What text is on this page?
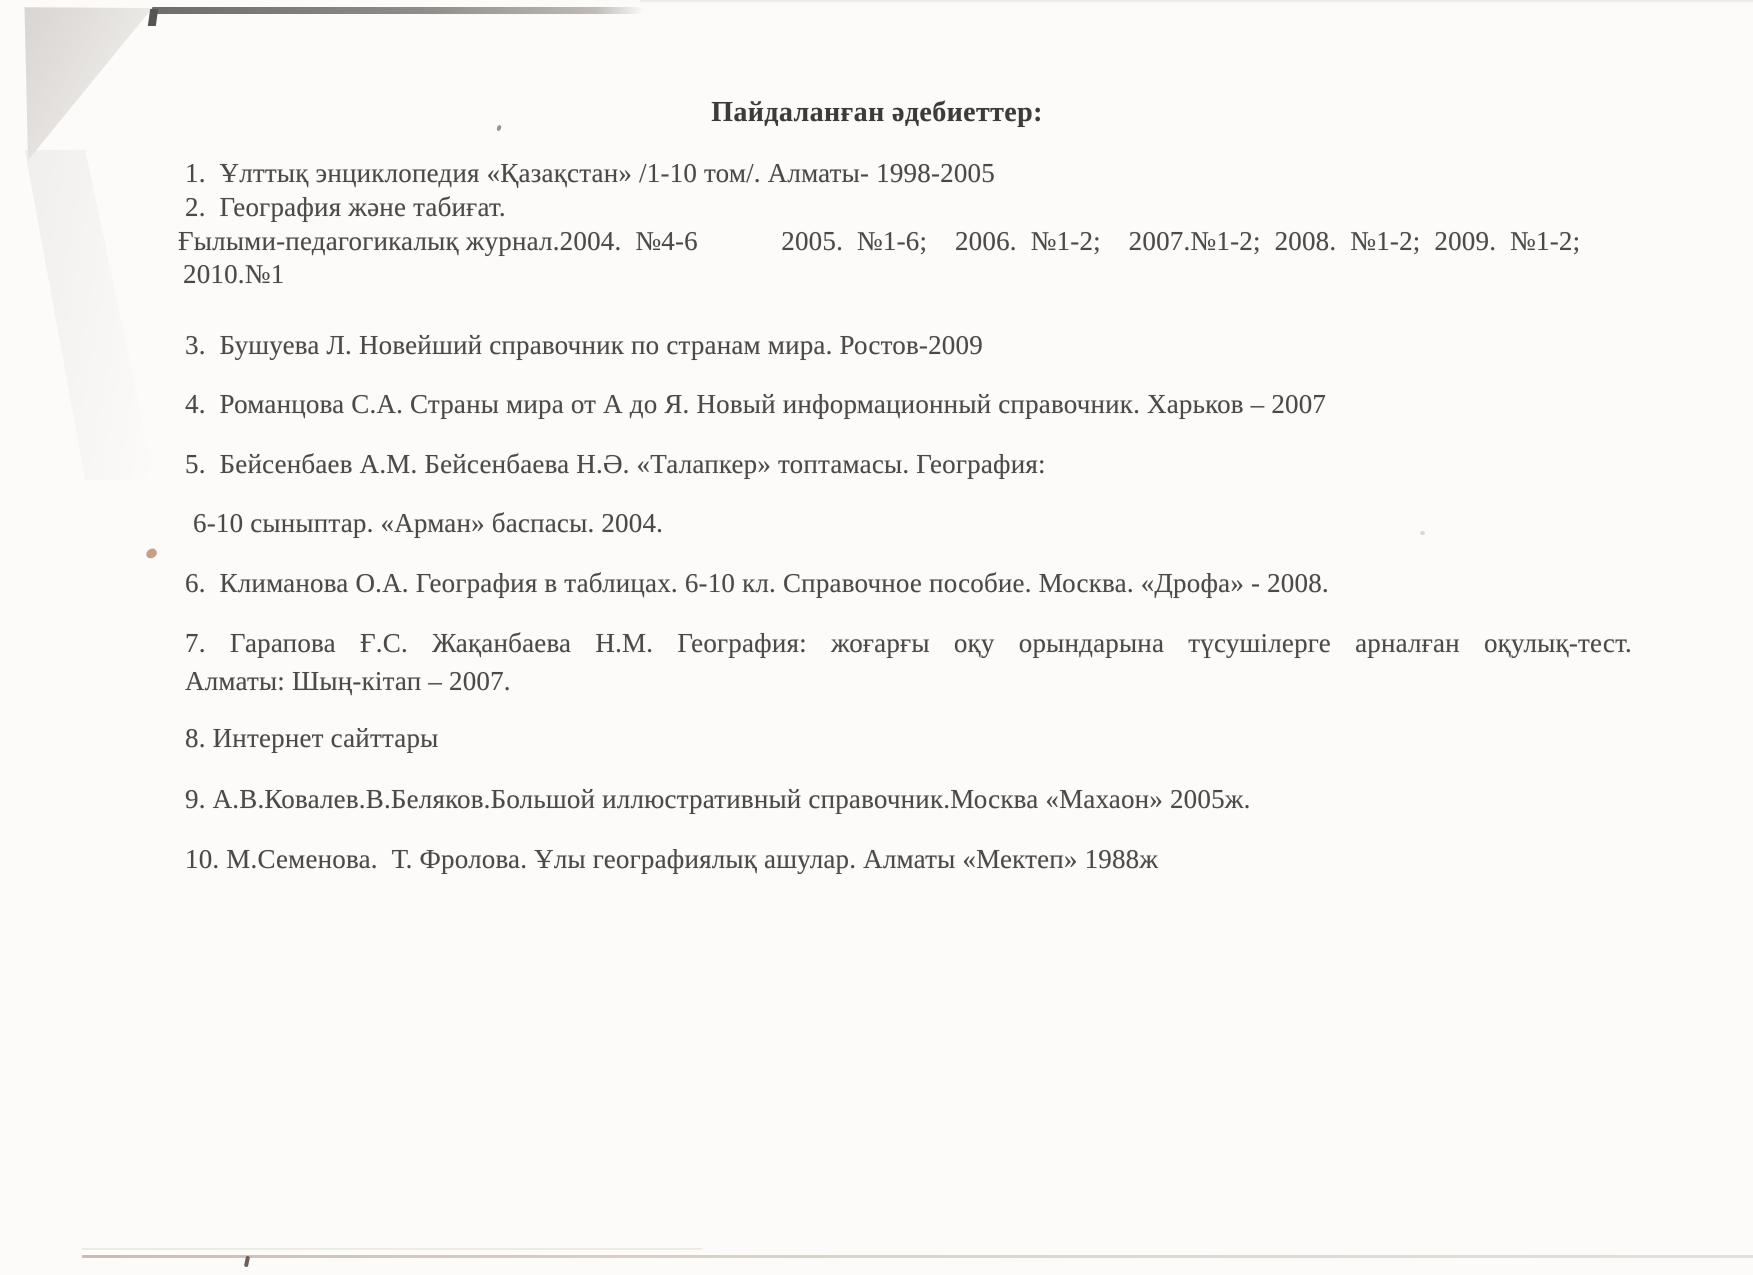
Пайдаланған әдебиеттер:
1.  Ұлттық энциклопедия «Қазақстан» /1-10 том/. Алматы- 1998-2005
2.  География және табиғат.
Ғылыми-педагогикалық журнал.2004.  №4-6            2005.  №1-6;    2006.  №1-2;    2007.№1-2;  2008.  №1-2;  2009.  №1-2;
2010.№1
3.  Бушуева Л. Новейший справочник по странам мира. Ростов-2009
4.  Романцова С.А. Страны мира от А до Я. Новый информационный справочник. Харьков – 2007
5.  Бейсенбаев А.М. Бейсенбаева Н.Ә. «Талапкер» топтамасы. География:
6-10 сыныптар. «Арман» баспасы. 2004.
6.  Климанова О.А. География в таблицах. 6-10 кл. Справочное пособие. Москва. «Дрофа» - 2008.
7. Гарапова Ғ.С. Жақанбаева Н.М. География: жоғарғы оқу орындарына түсушілерге арналған оқулық-тест.
Алматы: Шың-кітап – 2007.
8. Интернет сайттары
9. А.В.Ковалев.В.Беляков.Большой иллюстративный справочник.Москва «Махаон» 2005ж.
10. М.Семенова.  Т. Фролова. Ұлы географиялық ашулар. Алматы «Мектеп» 1988ж
